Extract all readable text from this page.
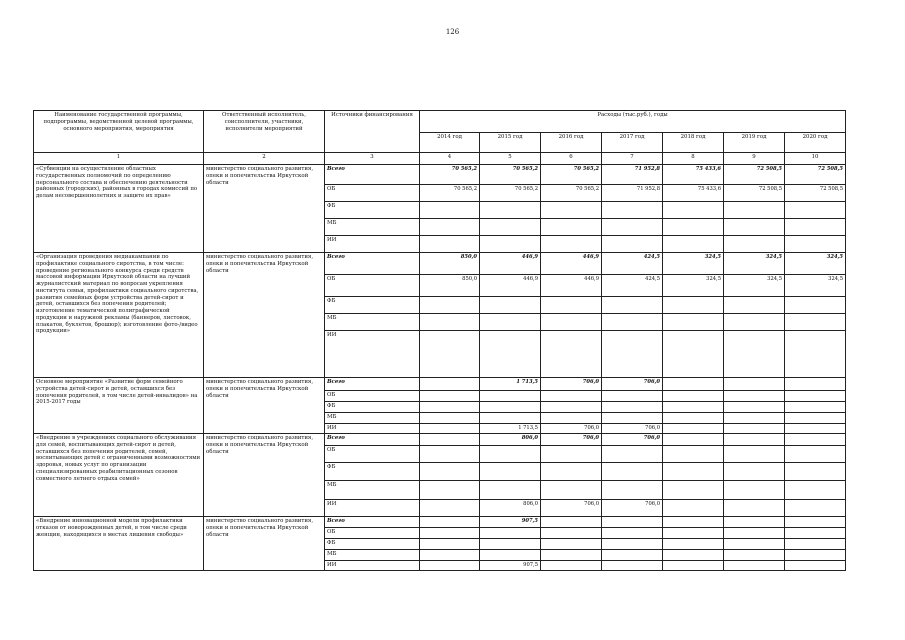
126
Наименование государственной программы, подпрограммы, ведомственной целевой программы, основного мероприятия, мероприятия	Ответственный исполнитель, соисполнители, участники, исполнители мероприятий	Источники финансирования	Расходы (тыс.руб.), годы						
			2014 год	2015 год	2016 год	2017 год	2018 год	2019 год	2020 год
1	2	3	4	5	6	7	8	9	10
«Субвенции на осуществление областных государственных полномочий по определению персонального состава и обеспечению деятельности районных (городских), районных в городах комиссий по делам несовершеннолетних и защите их прав»	министерство социального развития, опеки и попечительства Иркутской области	Всего	70 565,2	70 565,2	70 565,2	71 952,8	75 433,6	72 508,5	72 508,5
		ОБ	70 565,2	70 565,2	70 565,2	71 952,8	75 433,6	72 508,5	72 508,5
		ФБ							
		МБ							
		ИИ							
«Организация проведения медиакампании по профилактике социального сиротства, в том числе: проведение регионального конкурса среди средств массовой информации Иркутской области на лучший журналистский материал по вопросам укрепления института семьи, профилактики социального сиротства, развития семейных форм устройства детей-сирот и детей, оставшихся без попечения родителей; изготовление тематической полиграфической продукции и наружной рекламы (баннеров, листовок, плакатов, буклетов, брошюр); изготовление фото-/видео продукции»	министерство социального развития, опеки и попечительства Иркутской области	Всего	850,0	446,9	446,9	424,5	324,5	324,5	324,5
		ОБ	850,0	446,9	446,9	424,5	324,5	324,5	324,5
		ФБ							
		МБ							
		ИИ							
Основное мероприятие «Развитие форм семейного устройства детей-сирот и детей, оставшихся без попечения родителей, в том числе детей-инвалидов» на 2015-2017 годы	министерство социального развития, опеки и попечительства Иркутской области	Всего		1 713,5	706,0	706,0			
		ОБ							
		ФБ							
		МБ							
		ИИ		1 713,5	706,0	706,0			
«Внедрение в учреждениях социального обслуживания для семей, воспитывающих детей-сирот и детей, оставшихся без попечения родителей, семей, воспитывающих детей с ограниченными возможностями здоровья, новых услуг по организации специализированных реабилитационных сезонов совместного летнего отдыха семей»	министерство социального развития, опеки и попечительства Иркутской области	Всего		806,0	706,0	706,0			
		ОБ							
		ФБ							
		МБ							
		ИИ		806,0	706,0	706,0			
«Внедрение инновационной модели профилактики отказов от новорожденных детей, в том числе среди женщин, находящихся в местах лишения свободы»	министерство социального развития, опеки и попечительства Иркутской области	Всего		907,5					
		ОБ							
		ФБ							
		МБ							
		ИИ		907,5					
